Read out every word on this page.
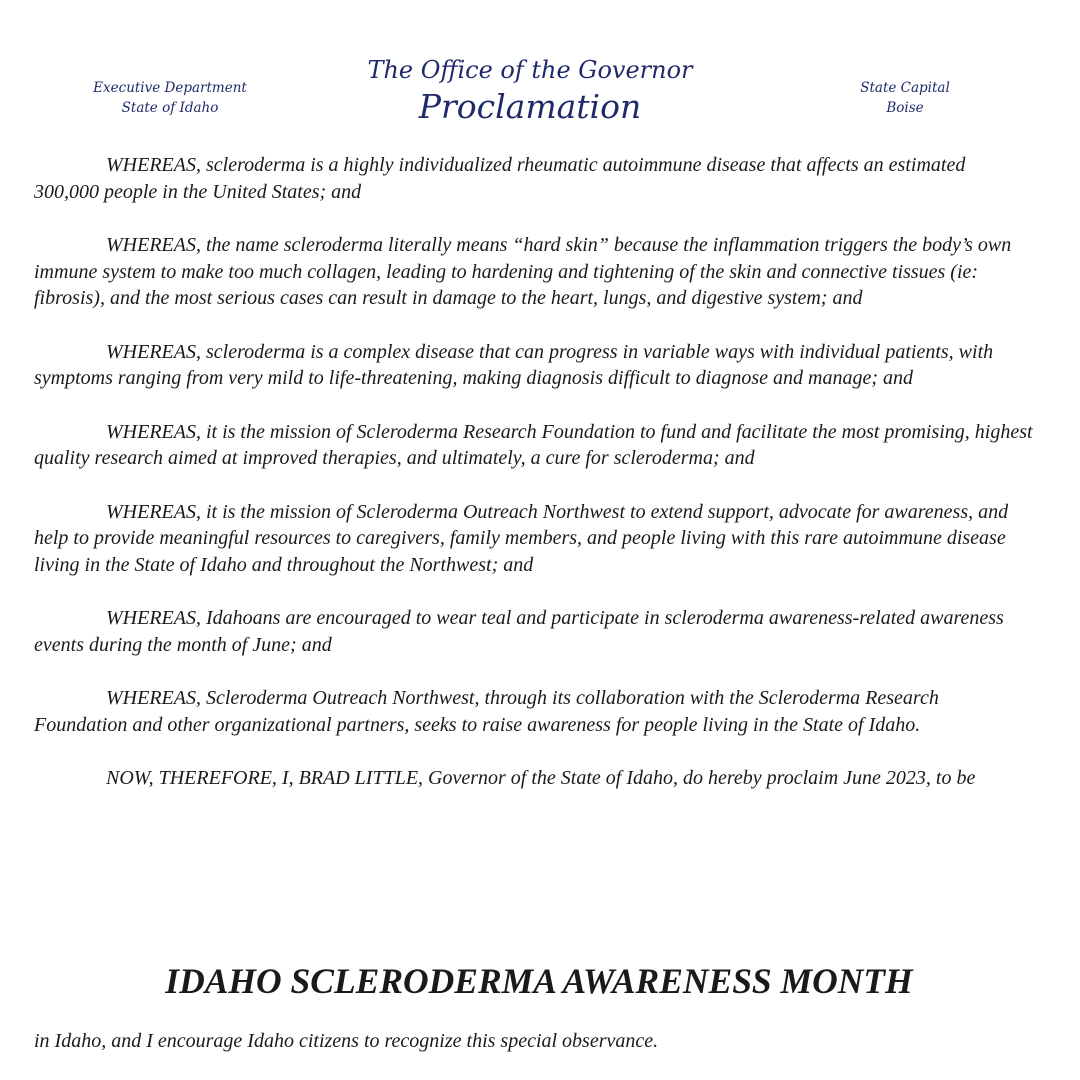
Executive Department
State of Idaho
The Office of the Governor
Proclamation	State Capital
Boise

WHEREAS, scleroderma is a highly individualized rheumatic autoimmune disease that affects an estimated 300,000 people in the United States; and

WHEREAS, the name scleroderma literally means “hard skin” because the inflammation triggers the body’s own immune system to make too much collagen, leading to hardening and tightening of the skin and connective tissues (ie: fibrosis), and the most serious cases can result in damage to the heart, lungs, and digestive system; and

WHEREAS, scleroderma is a complex disease that can progress in variable ways with individual patients, with symptoms ranging from very mild to life-threatening, making diagnosis difficult to diagnose and manage; and

WHEREAS, it is the mission of Scleroderma Research Foundation to fund and facilitate the most promising, highest quality research aimed at improved therapies, and ultimately, a cure for scleroderma; and

WHEREAS, it is the mission of Scleroderma Outreach Northwest to extend support, advocate for awareness, and help to provide meaningful resources to caregivers, family members, and people living with this rare autoimmune disease living in the State of Idaho and throughout the Northwest; and

WHEREAS, Idahoans are encouraged to wear teal and participate in scleroderma awareness-related awareness events during the month of June; and

WHEREAS, Scleroderma Outreach Northwest, through its collaboration with the Scleroderma Research Foundation and other organizational partners, seeks to raise awareness for people living in the State of Idaho.

NOW, THEREFORE, I, BRAD LITTLE, Governor of the State of Idaho, do hereby proclaim June 2023, to be

IDAHO SCLERODERMA AWARENESS MONTH
in Idaho, and I encourage Idaho citizens to recognize this special observance.
